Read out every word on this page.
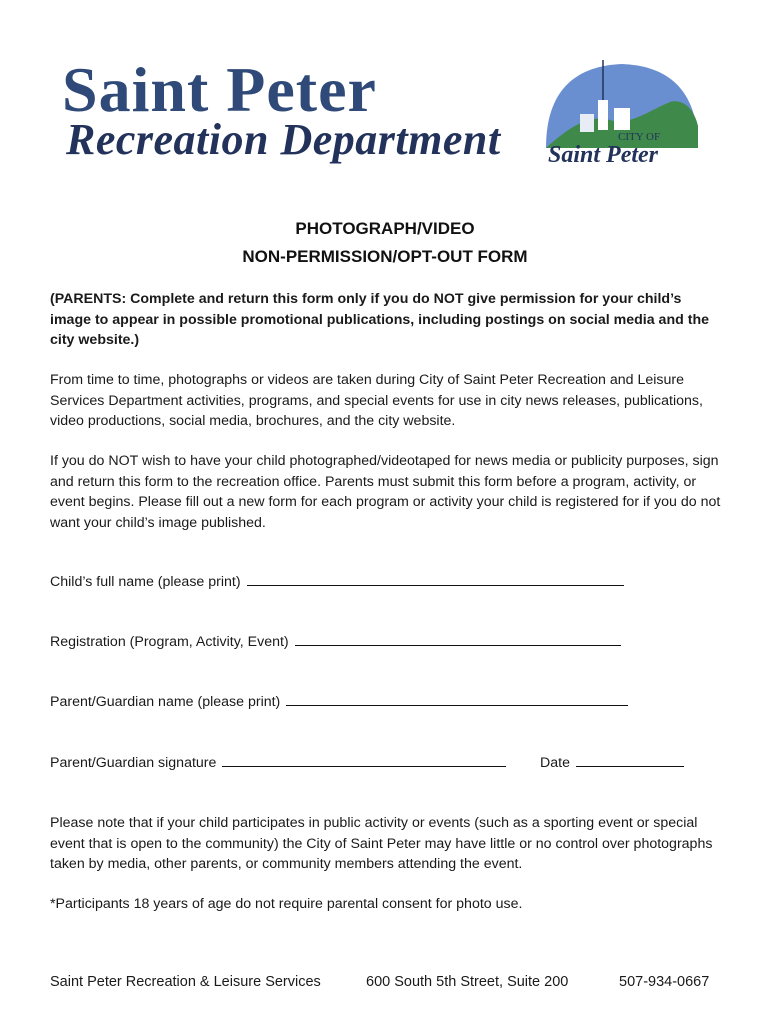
Saint Peter
Recreation Department	CITY OF
Saint Peter
PHOTOGRAPH/VIDEO
NON-PERMISSION/OPT-OUT FORM
(PARENTS: Complete and return this form only if you do NOT give permission for your child’s image to appear in possible promotional publications, including postings on social media and the city website.)
From time to time, photographs or videos are taken during City of Saint Peter Recreation and Leisure Services Department activities, programs, and special events for use in city news releases, publications, video productions, social media, brochures, and the city website.
If you do NOT wish to have your child photographed/videotaped for news media or publicity purposes, sign and return this form to the recreation office. Parents must submit this form before a program, activity, or event begins. Please fill out a new form for each program or activity your child is registered for if you do not want your child’s image published.
Child’s full name (please print)
Registration (Program, Activity, Event)
Parent/Guardian name (please print)
Parent/Guardian signature	Date
Please note that if your child participates in public activity or events (such as a sporting event or special event that is open to the community) the City of Saint Peter may have little or no control over photographs taken by media, other parents, or community members attending the event.
*Participants 18 years of age do not require parental consent for photo use.
Saint Peter Recreation & Leisure Services	600 South 5th Street, Suite 200	507-934-0667
